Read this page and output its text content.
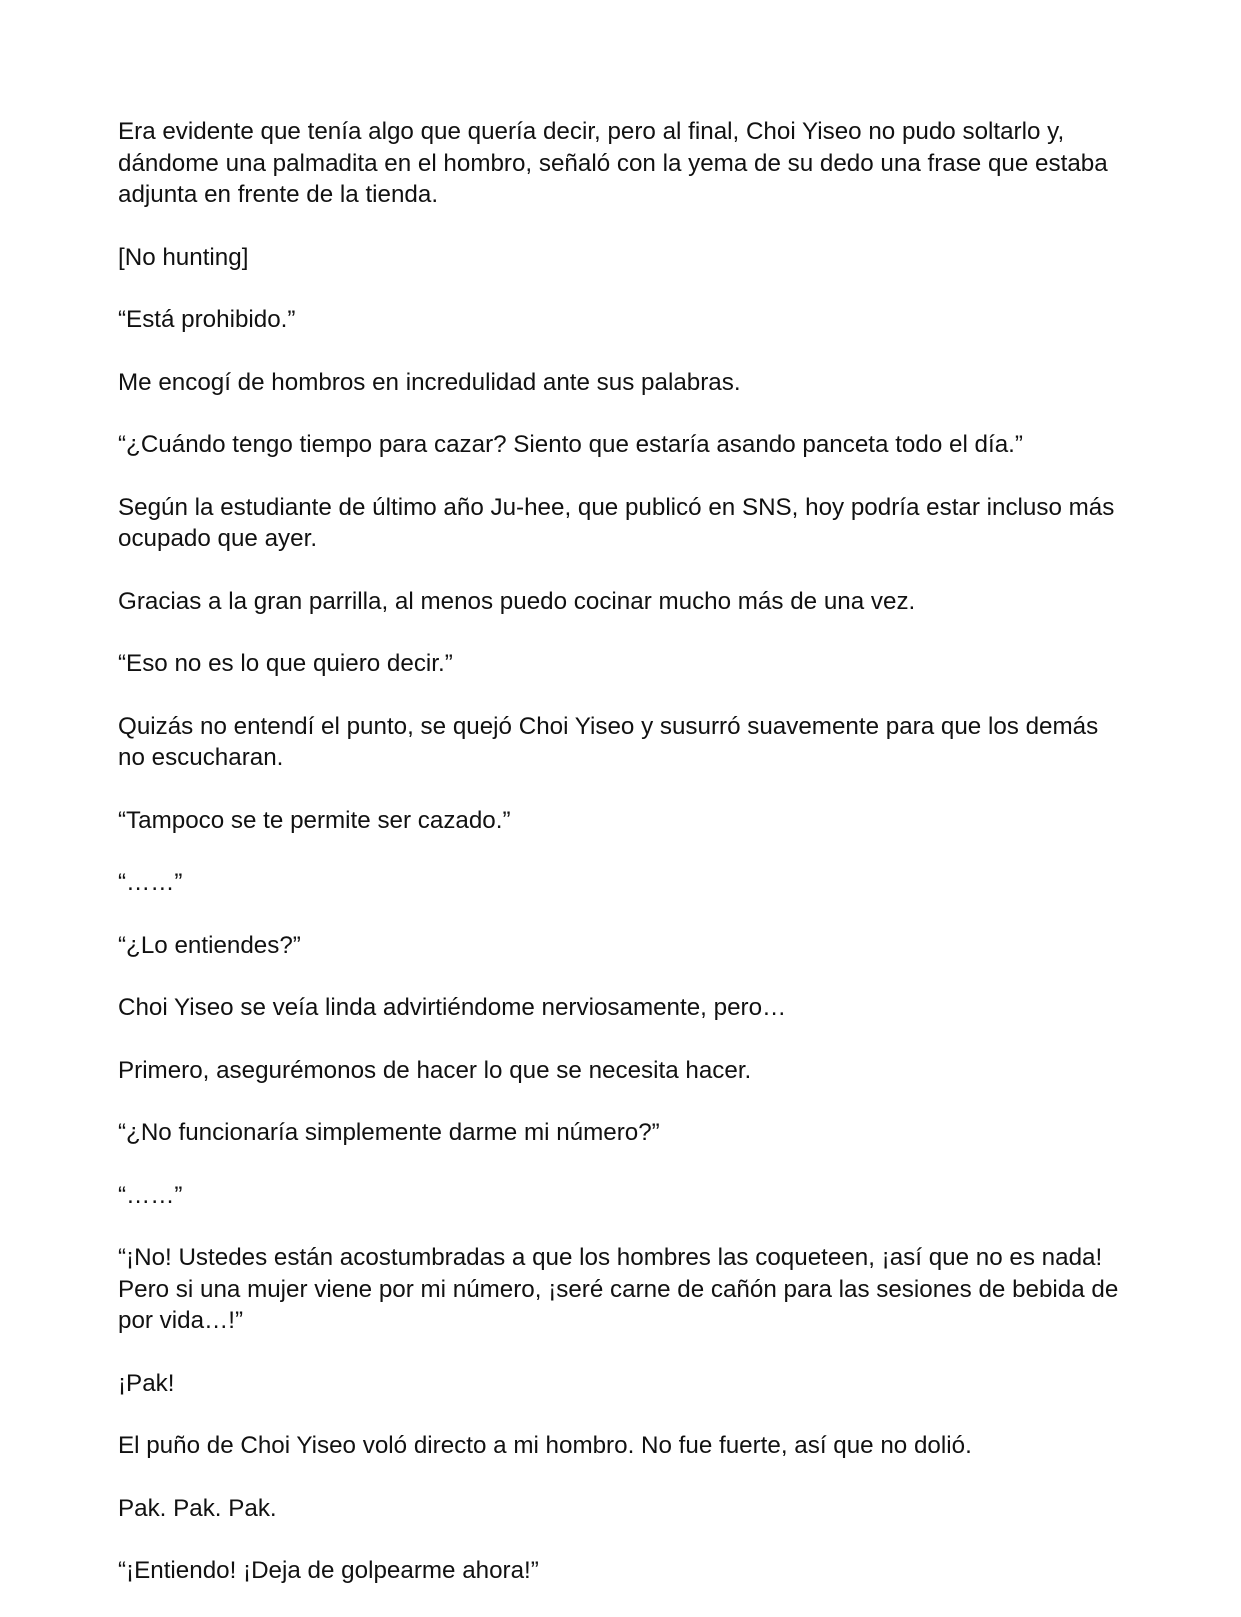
Era evidente que tenía algo que quería decir, pero al final, Choi Yiseo no pudo soltarlo y, dándome una palmadita en el hombro, señaló con la yema de su dedo una frase que estaba adjunta en frente de la tienda.

[No hunting]

“Está prohibido.”

Me encogí de hombros en incredulidad ante sus palabras.

“¿Cuándo tengo tiempo para cazar? Siento que estaría asando panceta todo el día.”

Según la estudiante de último año Ju-hee, que publicó en SNS, hoy podría estar incluso más ocupado que ayer.

Gracias a la gran parrilla, al menos puedo cocinar mucho más de una vez.

“Eso no es lo que quiero decir.”

Quizás no entendí el punto, se quejó Choi Yiseo y susurró suavemente para que los demás no escucharan.

“Tampoco se te permite ser cazado.”

“……”

“¿Lo entiendes?”

Choi Yiseo se veía linda advirtiéndome nerviosamente, pero…

Primero, asegurémonos de hacer lo que se necesita hacer.

“¿No funcionaría simplemente darme mi número?”

“……”

“¡No! Ustedes están acostumbradas a que los hombres las coqueteen, ¡así que no es nada! Pero si una mujer viene por mi número, ¡seré carne de cañón para las sesiones de bebida de por vida…!”

¡Pak!

El puño de Choi Yiseo voló directo a mi hombro. No fue fuerte, así que no dolió.

Pak. Pak. Pak.

“¡Entiendo! ¡Deja de golpearme ahora!”
